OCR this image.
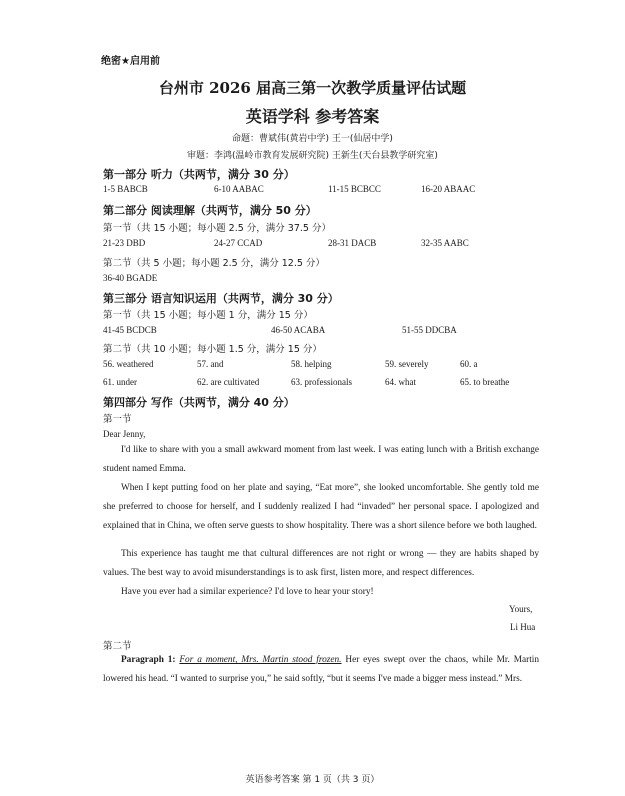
绝密★启用前
台州市 2026 届高三第一次教学质量评估试题
英语学科 参考答案
命题：曹斌伟(黄岩中学) 王一(仙居中学)
审题：李鸿(温岭市教育发展研究院) 王新生(天台县教学研究室)
第一部分 听力（共两节，满分 30 分）
1-5 BABCB	6-10 AABAC	11-15 BCBCC	16-20 ABAAC
第二部分 阅读理解（共两节，满分 50 分）
第一节（共 15 小题；每小题 2.5 分，满分 37.5 分）
21-23 DBD	24-27 CCAD	28-31 DACB	32-35 AABC
第二节（共 5 小题；每小题 2.5 分，满分 12.5 分）
36-40 BGADE
第三部分 语言知识运用（共两节，满分 30 分）
第一节（共 15 小题；每小题 1 分，满分 15 分）
41-45 BCDCB	46-50 ACABA	51-55 DDCBA
第二节（共 10 小题；每小题 1.5 分，满分 15 分）
56. weathered	57. and	58. helping	59. severely	60. a
61. under	62. are cultivated	63. professionals	64. what	65. to breathe
第四部分 写作（共两节，满分 40 分）
第一节
Dear Jenny,
I'd like to share with you a small awkward moment from last week. I was eating lunch with a British exchange student named Emma.
When I kept putting food on her plate and saying, “Eat more”, she looked uncomfortable. She gently told me she preferred to choose for herself, and I suddenly realized I had “invaded” her personal space. I apologized and explained that in China, we often serve guests to show hospitality. There was a short silence before we both laughed.
This experience has taught me that cultural differences are not right or wrong — they are habits shaped by values. The best way to avoid misunderstandings is to ask first, listen more, and respect differences.
Have you ever had a similar experience? I'd love to hear your story!
Yours,
Li Hua
第二节
Paragraph 1: For a moment, Mrs. Martin stood frozen. Her eyes swept over the chaos, while Mr. Martin lowered his head. “I wanted to surprise you,” he said softly, “but it seems I've made a bigger mess instead.” Mrs.
英语参考答案 第 1 页（共 3 页）
